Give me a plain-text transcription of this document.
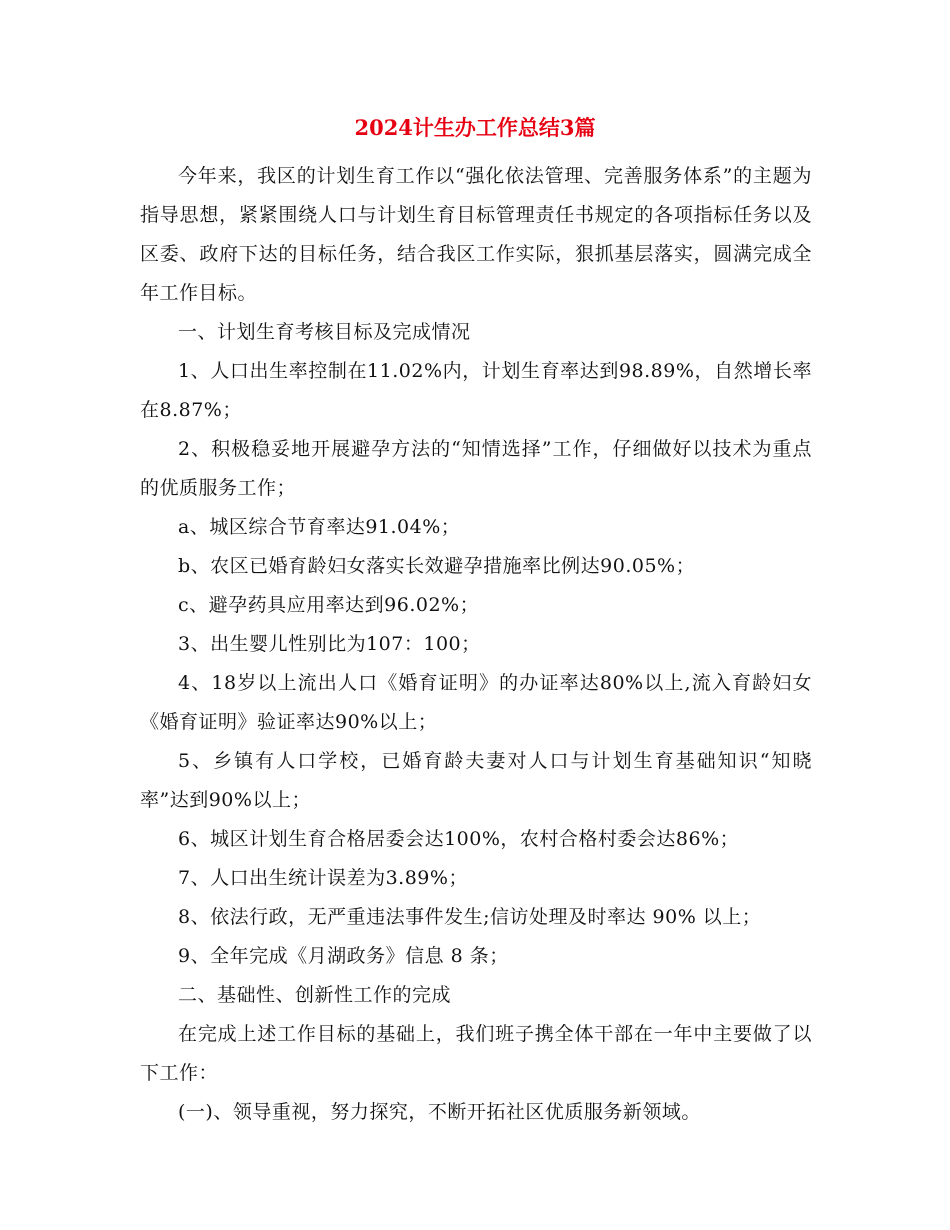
2024计生办工作总结3篇

今年来，我区的计划生育工作以“强化依法管理、完善服务体系”的主题为指导思想，紧紧围绕人口与计划生育目标管理责任书规定的各项指标任务以及区委、政府下达的目标任务，结合我区工作实际，狠抓基层落实，圆满完成全年工作目标。

一、计划生育考核目标及完成情况

1、人口出生率控制在11.02%内，计划生育率达到98.89%，自然增长率在8.87%；

2、积极稳妥地开展避孕方法的“知情选择”工作，仔细做好以技术为重点的优质服务工作；

a、城区综合节育率达91.04%；

b、农区已婚育龄妇女落实长效避孕措施率比例达90.05%；

c、避孕药具应用率达到96.02%；

3、出生婴儿性别比为107：100；

4、18岁以上流出人口《婚育证明》的办证率达80%以上,流入育龄妇女《婚育证明》验证率达90%以上；

5、乡镇有人口学校，已婚育龄夫妻对人口与计划生育基础知识“知晓率”达到90%以上；

6、城区计划生育合格居委会达100%，农村合格村委会达86%；

7、人口出生统计误差为3.89%；

8、依法行政，无严重违法事件发生;信访处理及时率达 90% 以上；

9、全年完成《月湖政务》信息 8 条；

二、基础性、创新性工作的完成

在完成上述工作目标的基础上，我们班子携全体干部在一年中主要做了以下工作：

(一)、领导重视，努力探究，不断开拓社区优质服务新领域。
